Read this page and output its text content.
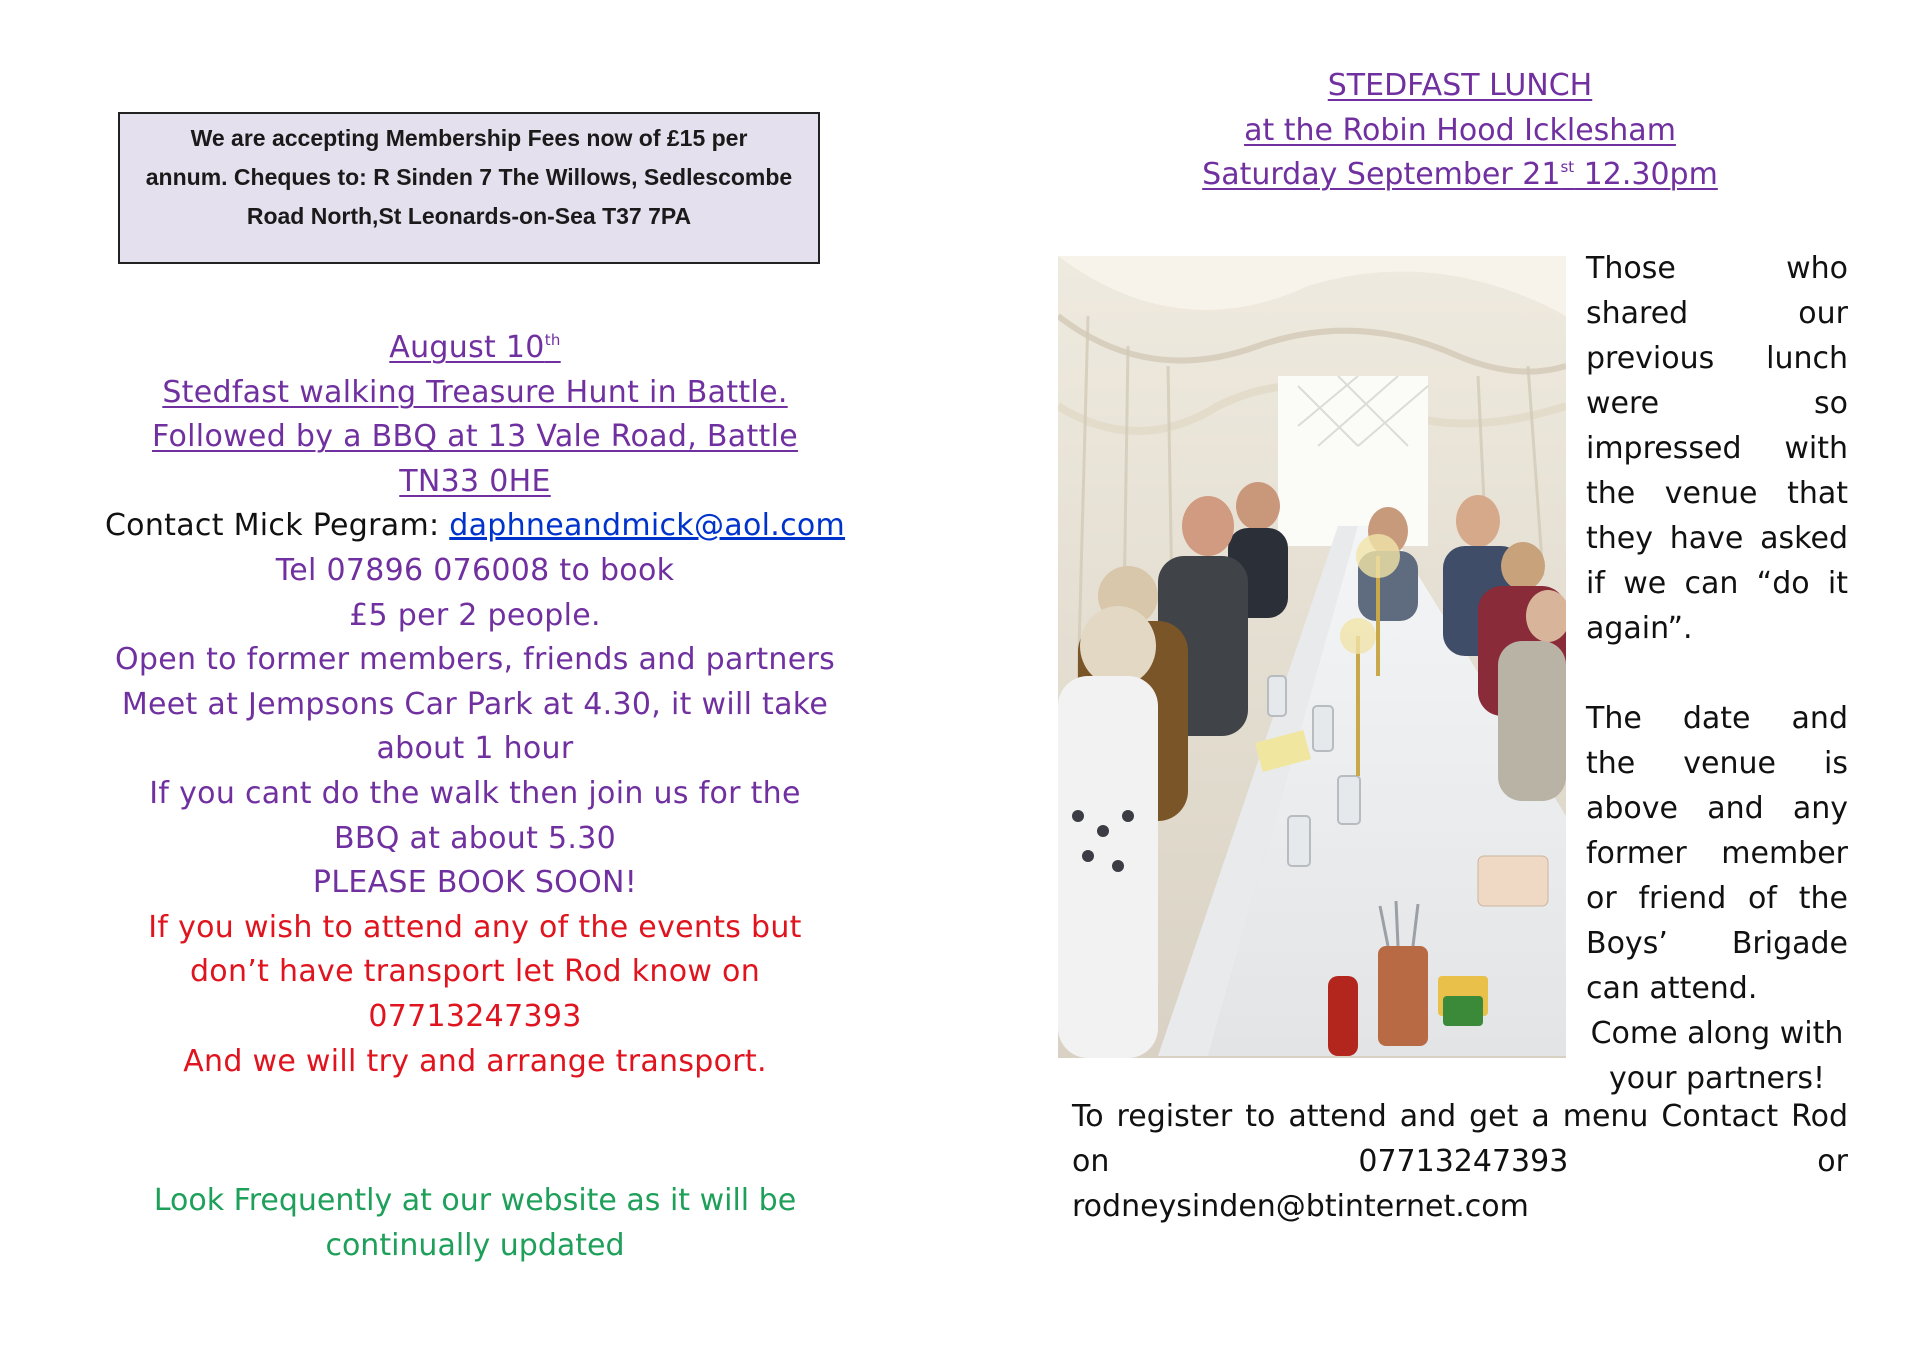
We are accepting Membership Fees now of £15 per
annum. Cheques to: R Sinden 7 The Willows, Sedlescombe
Road North,St Leonards-on-Sea T37 7PA
August 10th
Stedfast walking Treasure Hunt in Battle.
Followed by a BBQ at 13 Vale Road, Battle
TN33 0HE
Contact Mick Pegram: daphneandmick@aol.com
Tel 07896 076008 to book
£5 per 2 people.
Open to former members, friends and partners
Meet at Jempsons Car Park at 4.30, it will take
about 1 hour
If you cant do the walk then join us for the
BBQ at about 5.30
PLEASE BOOK SOON!
If you wish to attend any of the events but
don’t have transport let Rod know on
07713247393
And we will try and arrange transport.
Look Frequently at our website as it will be
continually updated
STEDFAST LUNCH
at the Robin Hood Icklesham
Saturday September 21st 12.30pm

Those who

shared our

previous lunch

were so

impressed with

the venue that

they have asked

if we can “do it

again”.

The date and

the venue is

above and any

former member

or friend of the

Boys’ Brigade

can attend.

Come along with

your partners!

To register to attend and get a menu Contact Rod on 07713247393 or
rodneysinden@btinternet.com
